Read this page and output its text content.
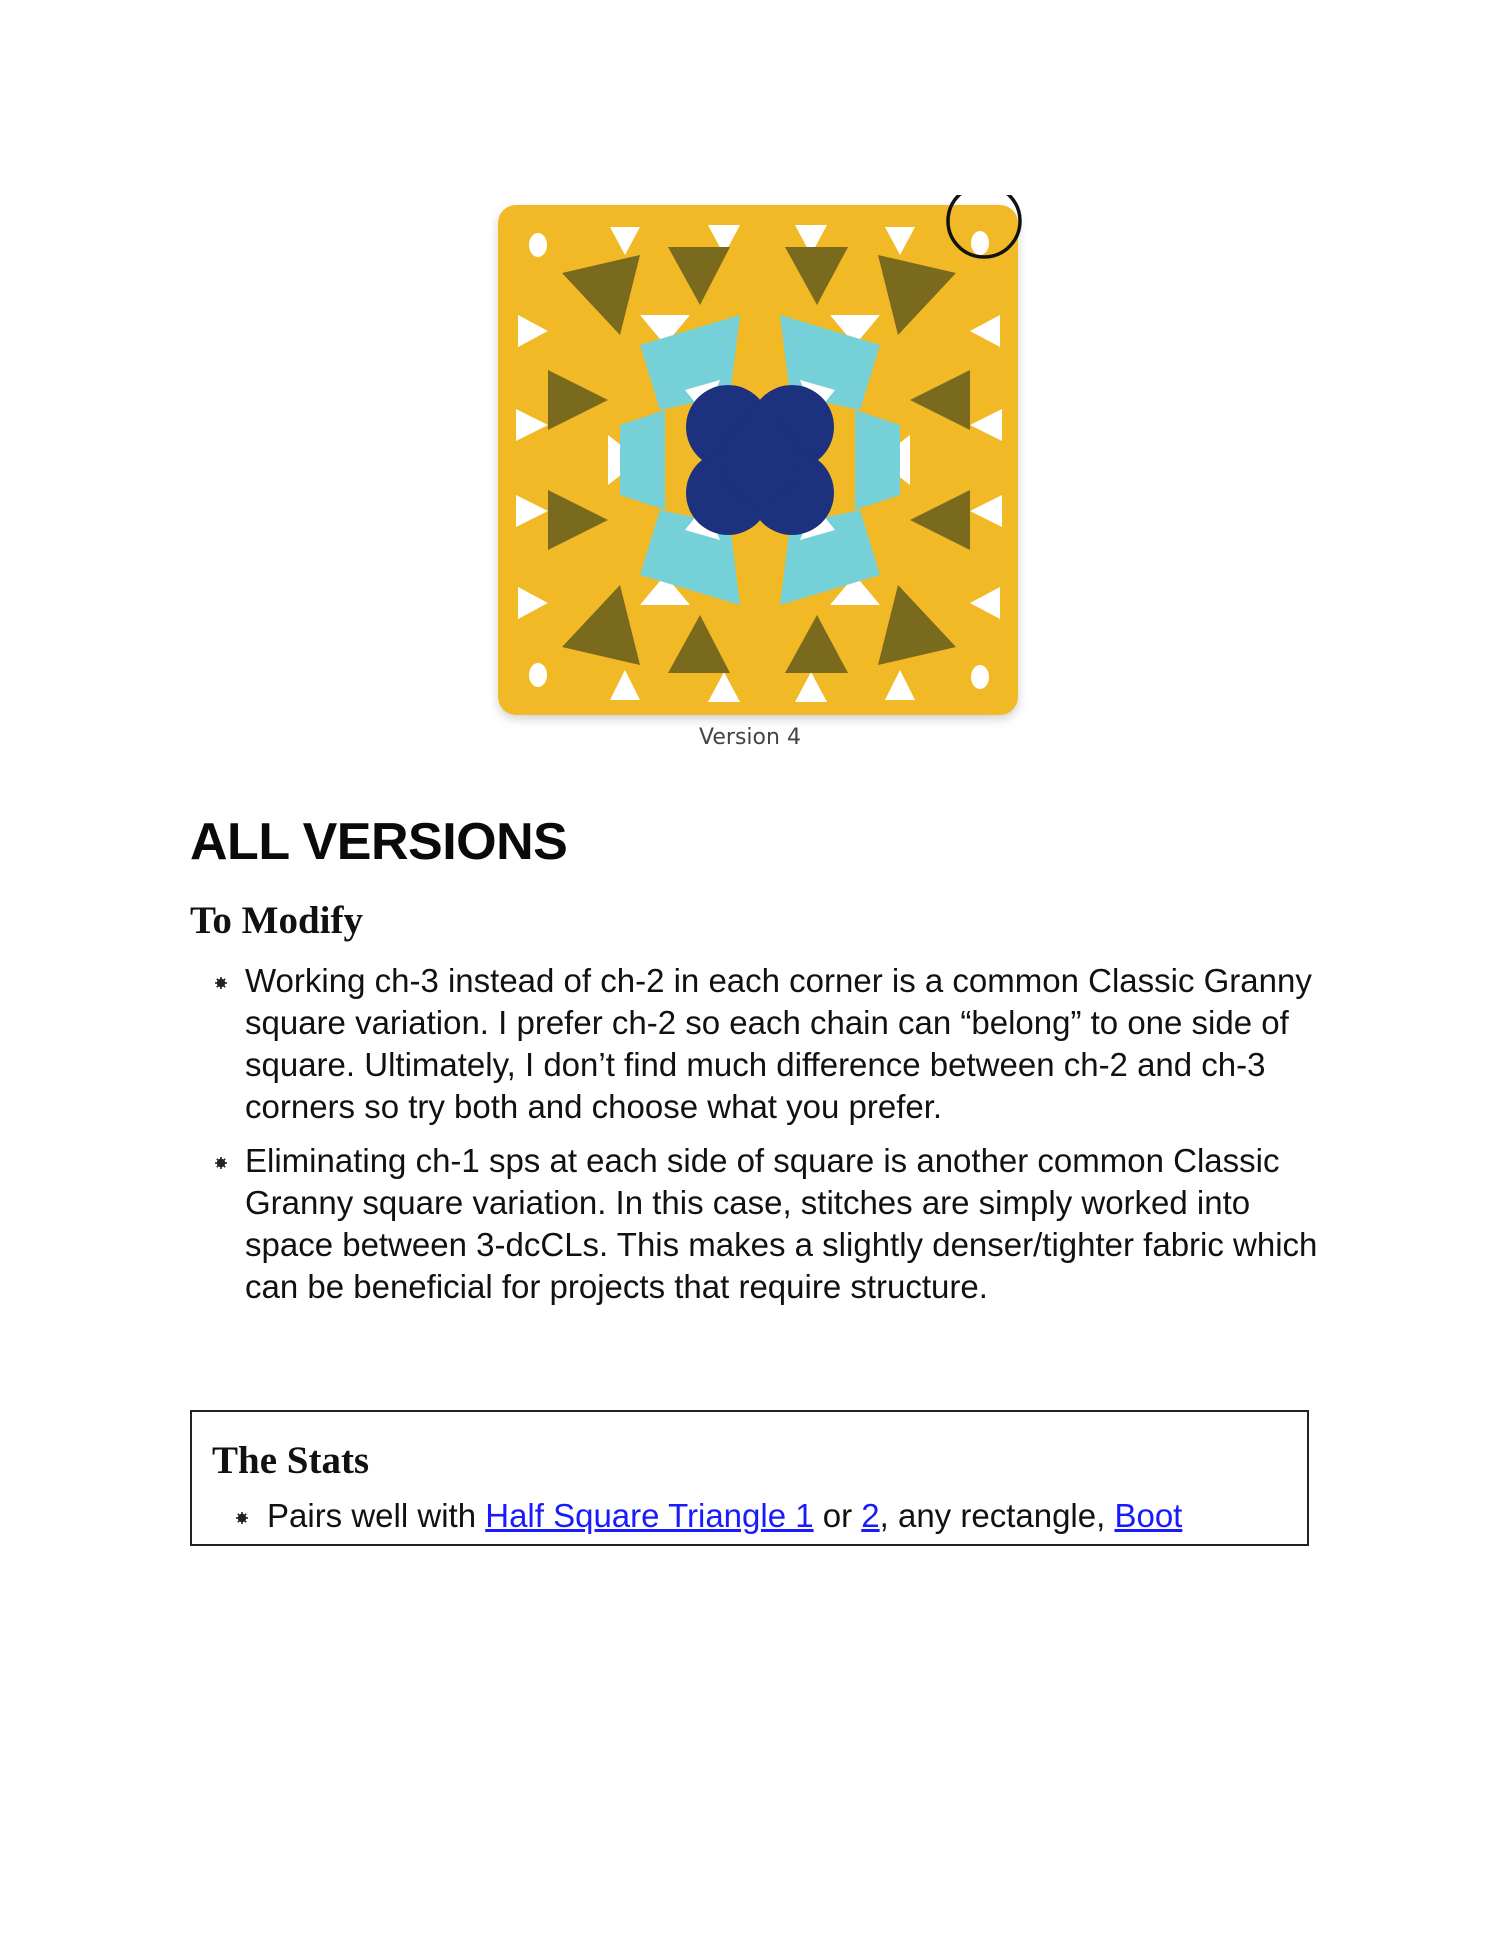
Version 4
ALL VERSIONS
To Modify
Working ch-3 instead of ch-2 in each corner is a common Classic Granny square variation. I prefer ch-2 so each chain can “belong” to one side of square. Ultimately, I don’t find much difference between ch-2 and ch-3 corners so try both and choose what you prefer.
Eliminating ch-1 sps at each side of square is another common Classic Granny square variation. In this case, stitches are simply worked into space between 3-dcCLs. This makes a slightly denser/tighter fabric which can be beneficial for projects that require structure.
The Stats
Pairs well with Half Square Triangle 1 or 2, any rectangle, Boot
